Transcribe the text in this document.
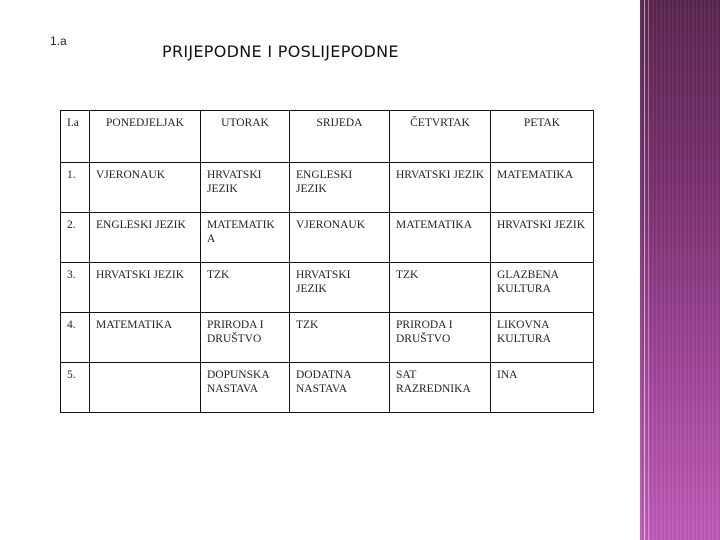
1.a
PRIJEPODNE I POSLIJEPODNE
I.a	PONEDJELJAK	UTORAK	SRIJEDA	ČETVRTAK	PETAK
1.	VJERONAUK	HRVATSKI JEZIK	ENGLESKI JEZIK	HRVATSKI JEZIK	MATEMATIKA
2.	ENGLESKI JEZIK	MATEMATIK A	VJERONAUK	MATEMATIKA	HRVATSKI JEZIK
3.	HRVATSKI JEZIK	TZK	HRVATSKI JEZIK	TZK	GLAZBENA KULTURA
4.	MATEMATIKA	PRIRODA I DRUŠTVO	TZK	PRIRODA I DRUŠTVO	LIKOVNA KULTURA
5.		DOPUNSKA NASTAVA	DODATNA NASTAVA	SAT RAZREDNIKA	INA
